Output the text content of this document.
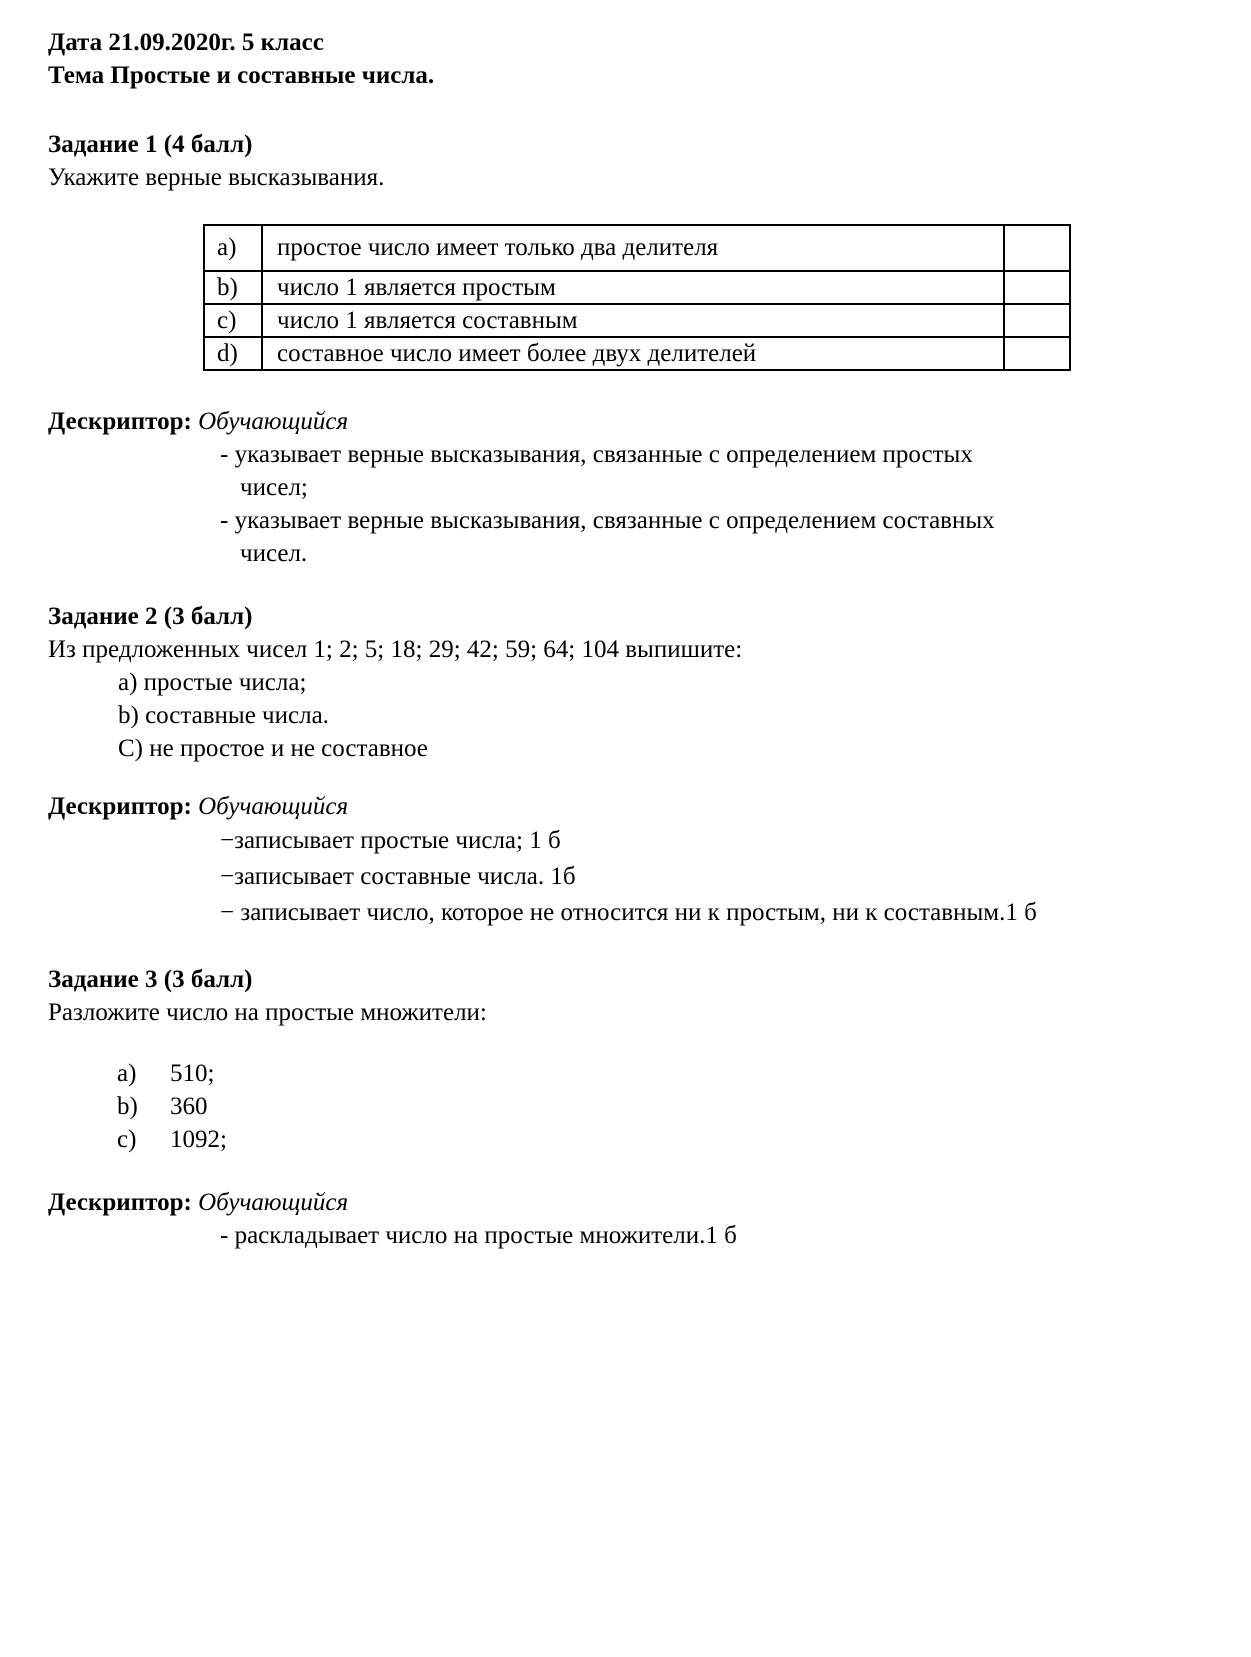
Дата 21.09.2020г. 5 класс
Тема Простые и составные числа.
Задание 1 (4 балл)
Укажите верные высказывания.
a)	простое число имеет только два делителя	
b)	число 1 является простым	
c)	число 1 является составным	
d)	составное число имеет более двух делителей	
Дескриптор: Обучающийся
- указывает верные высказывания, связанные с определением простых
чисел;
- указывает верные высказывания, связанные с определением составных
чисел.
Задание 2 (3 балл)
Из предложенных чисел 1; 2; 5; 18; 29; 42; 59; 64; 104 выпишите:
a) простые числа;
b) составные числа.
C) не простое и не составное
Дескриптор: Обучающийся
−записывает простые числа; 1 б
−записывает составные числа. 1б
− записывает число, которое не относится ни к простым, ни к составным.1 б
Задание 3 (3 балл)
Разложите число на простые множители:
a) 510;
b) 360
c) 1092;
Дескриптор: Обучающийся
- раскладывает число на простые множители.1 б
